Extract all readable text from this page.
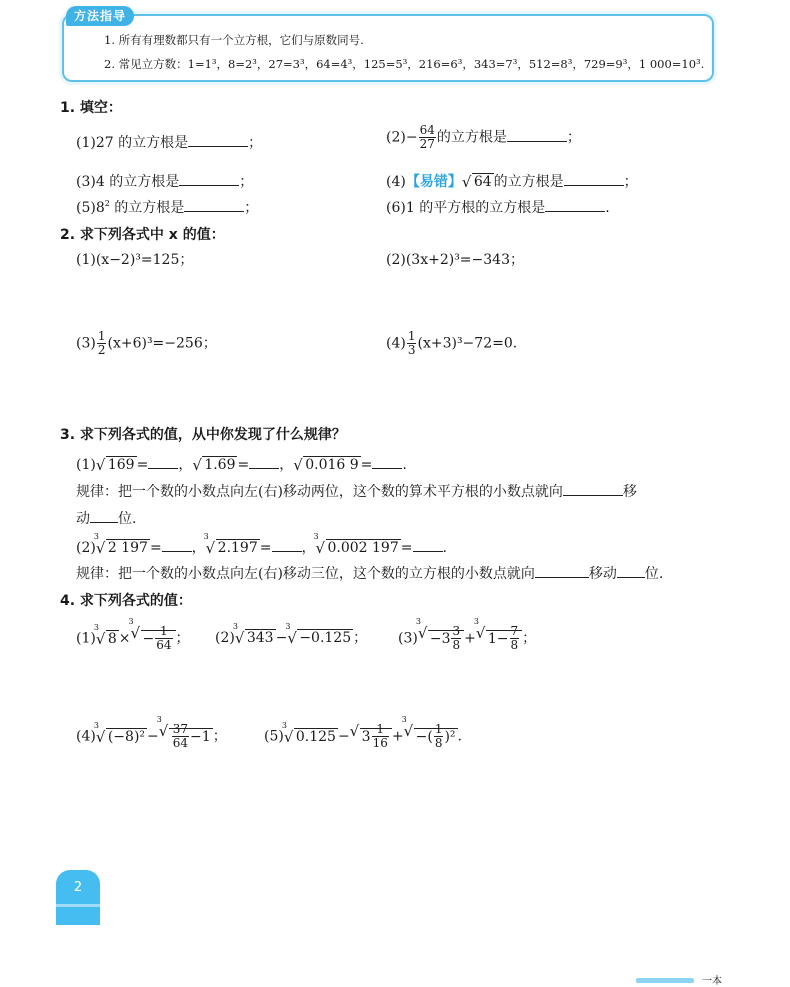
方法指导
1. 所有有理数都只有一个立方根，它们与原数同号.
2. 常见立方数：1=1³，8=2³，27=3³，64=4³，125=5³，216=6³，343=7³，512=8³，729=9³，1 000=10³.
1. 填空：
(1)27 的立方根是	；	$(2)- \frac{64}{27}$ 的立方根是	；
(3)4 的立方根是	；	(4)【易错】 √ 64 的立方根是	；
$(5)8^2$ 的立方根是	；	(6)1 的平方根的立方根是	.
2. 求下列各式中 x 的值：
(1)(x−2)³=125；	(2)(3x+2)³=−343；
$(3) \frac{1}{2} (x+6)^3=-256$；	$(4) \frac{1}{3} (x+3)^3-72=0$.
3. 求下列各式的值，从中你发现了什么规律？
(1) √ 169 = ， √ 1.69 = ， √ 0.016 9 = .
规律：把一个数的小数点向左(右)移动两位，这个数的算术平方根的小数点就向	移
动 位.
(2)
√ 3
2 197 = ，
√ 3
2.197 = ，
√ 3
0.002 197 = .
规律：把一个数的小数点向左(右)移动三位，这个数的立方根的小数点就向	移动 位.
4. 求下列各式的值：
(1)
√ 3
8 ×
√ 3
− $\frac{1}{64}$ ； (2)
√ 3
343 −
√ 3
−0.125 ； (3)
√ 3
$-3 \frac{3}{8}$ +
√ 3
$1- \frac{7}{8}$ ；
(4)
√ 3
(−8)² −
√ 3
$\frac{37}{64} -1$ ；	(5)
√ 3
0.125 − √ $3 \frac{1}{16}$ +
√ 3
−( $\frac{1}{8} )^2$ .
2
一本
